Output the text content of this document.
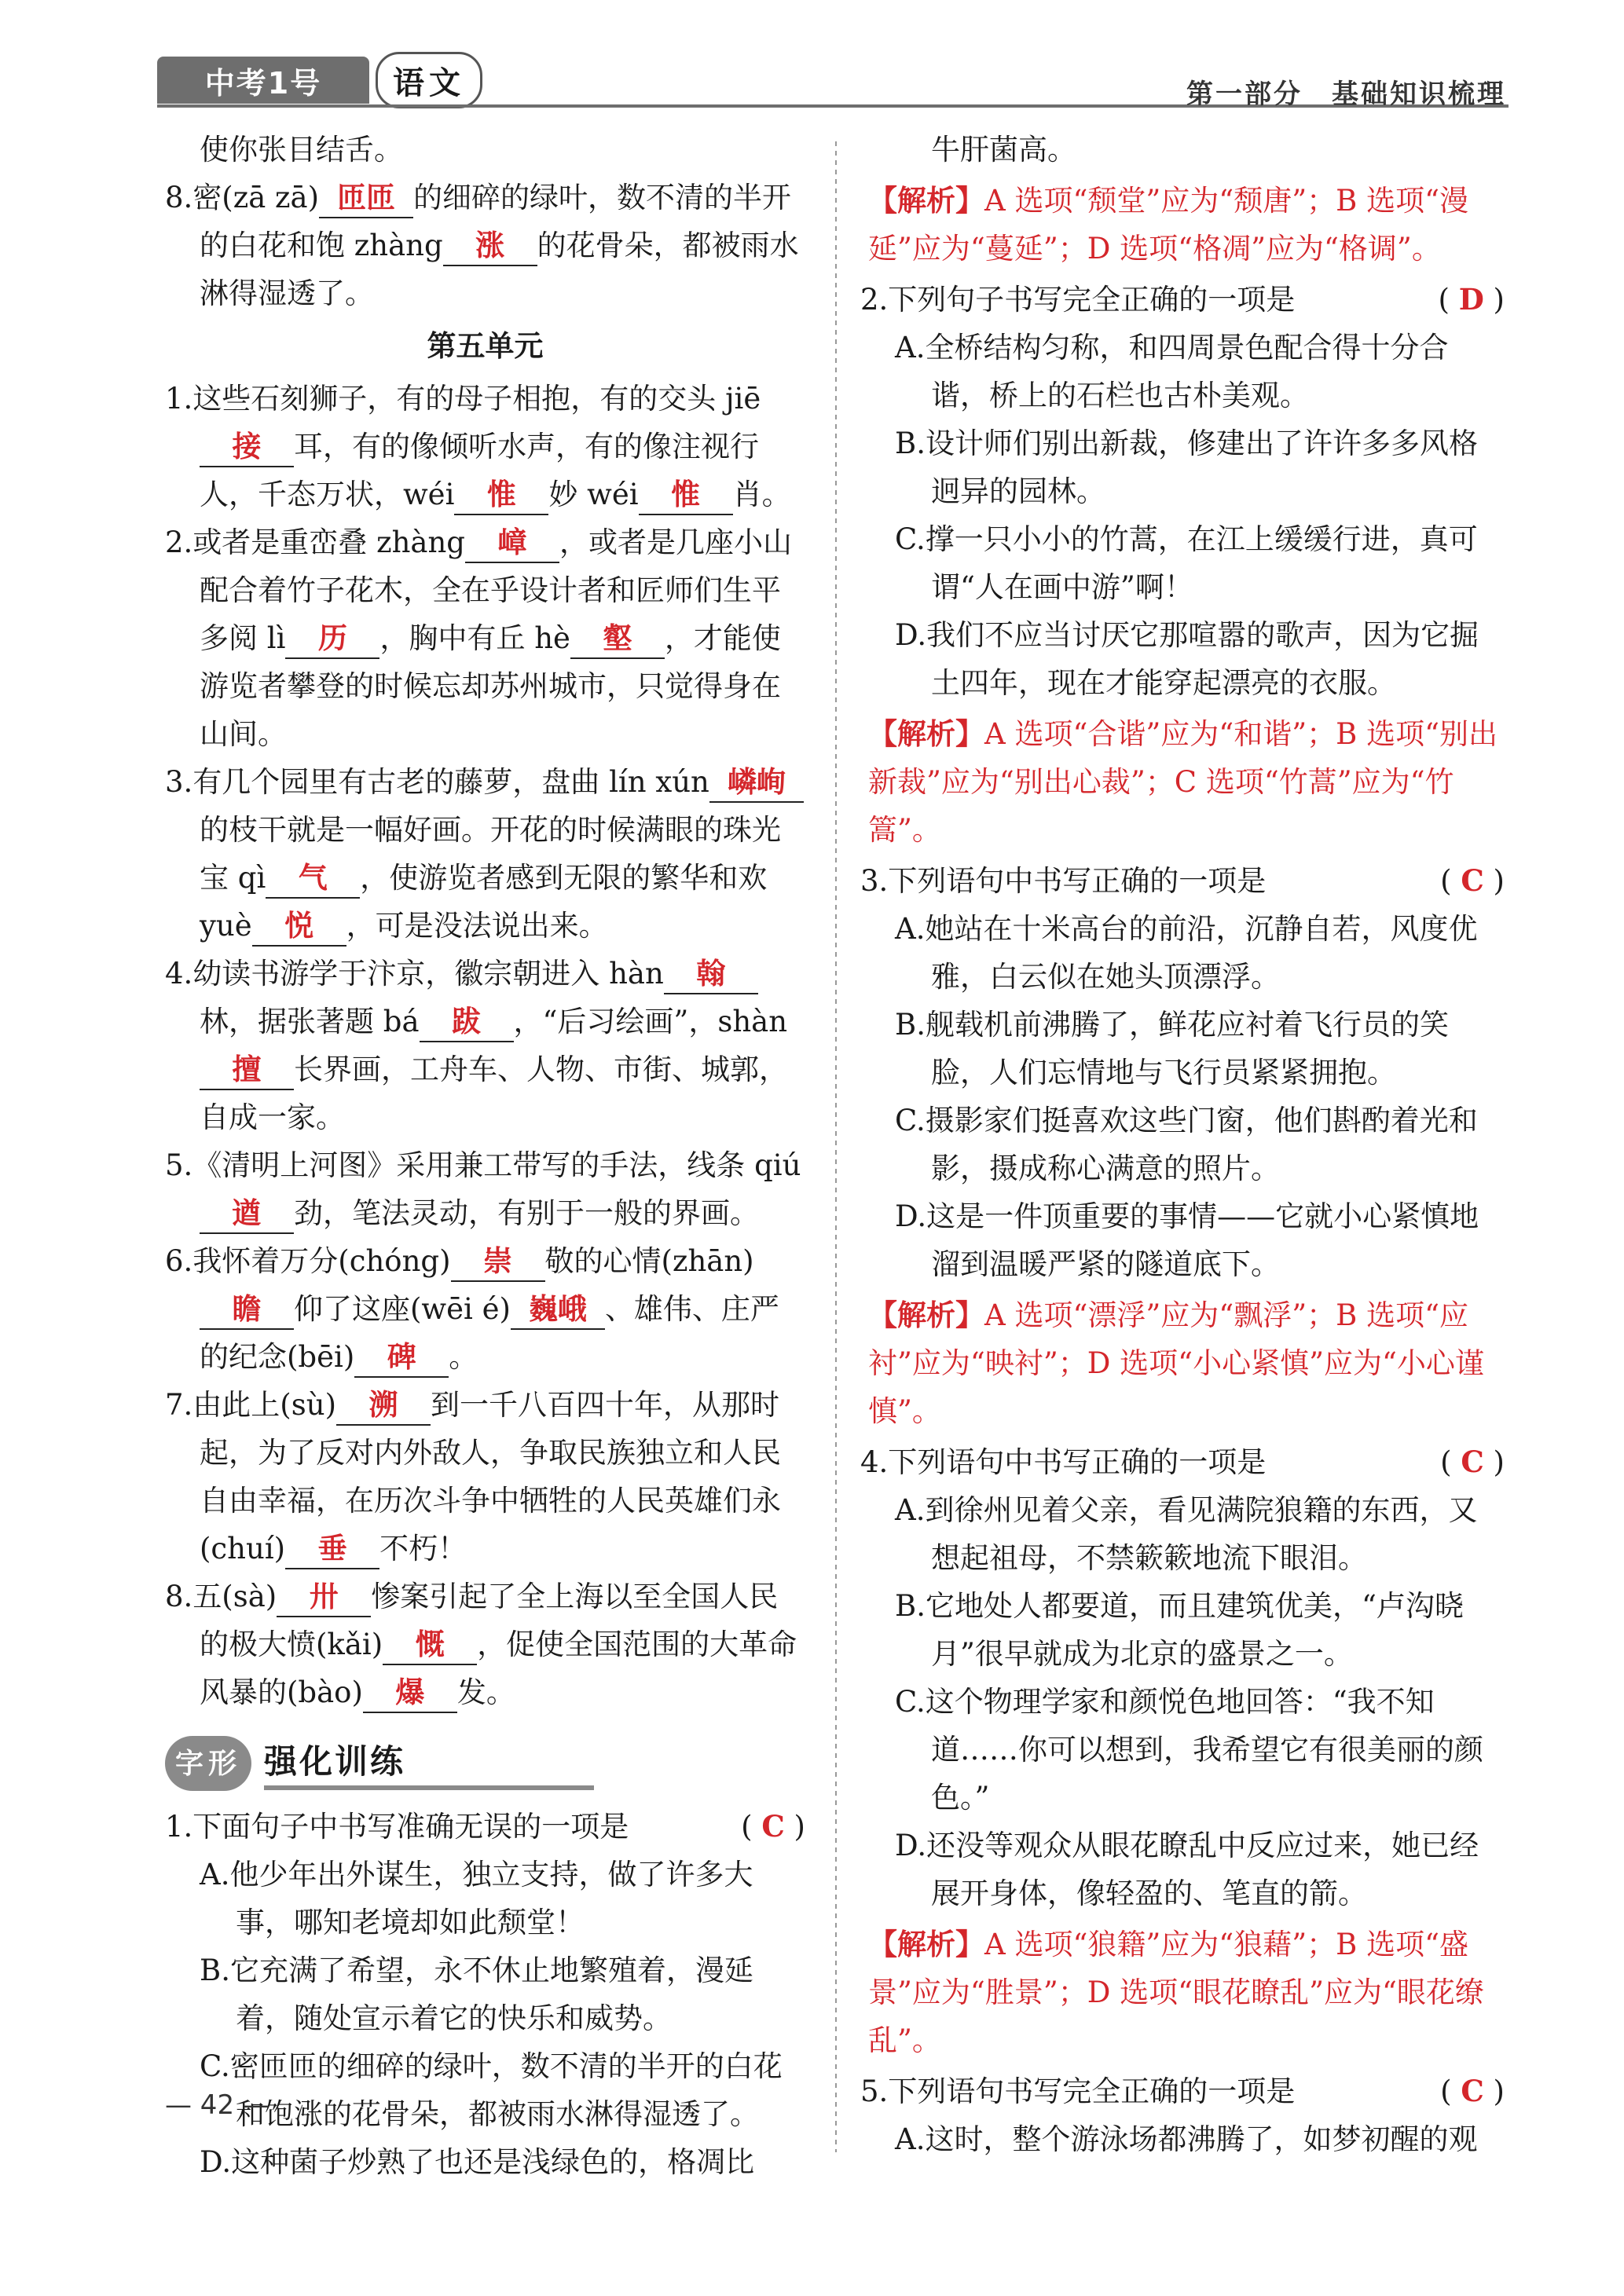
中考1号	语文	第一部分　基础知识梳理

使你张目结舌。

8.密(zā zā) 匝匝 的细碎的绿叶，数不清的半开的白花和饱 zhàng 涨 的花骨朵，都被雨水淋得湿透了。

第五单元

1.这些石刻狮子，有的母子相抱，有的交头 jiē接 耳，有的像倾听水声，有的像注视行人，千态万状，wéi 惟 妙 wéi 惟 肖。

2.或者是重峦叠 zhàng 嶂 ，或者是几座小山配合着竹子花木，全在乎设计者和匠师们生平多阅 lì 历 ，胸中有丘 hè 壑 ，才能使游览者攀登的时候忘却苏州城市，只觉得身在山间。

3.有几个园里有古老的藤萝，盘曲 lín xún 嶙峋的枝干就是一幅好画。开花的时候满眼的珠光宝 qì 气 ，使游览者感到无限的繁华和欢 yuè 悦 ，可是没法说出来。

4.幼读书游学于汴京，徽宗朝进入 hàn 翰林，据张著题 bá 跋 ，“后习绘画”，shàn擅 长界画，工舟车、人物、市街、城郭，自成一家。

5.《清明上河图》采用兼工带写的手法，线条 qiú遒 劲，笔法灵动，有别于一般的界画。

6.我怀着万分(chóng) 崇 敬的心情(zhān)瞻 仰了这座(wēi é) 巍峨 、雄伟、庄严的纪念(bēi) 碑 。

7.由此上(sù) 溯 到一千八百四十年，从那时起，为了反对内外敌人，争取民族独立和人民自由幸福，在历次斗争中牺牲的人民英雄们永(chuí) 垂 不朽！

8.五(sà) 卅 惨案引起了全上海以至全国人民的极大愤(kǎi) 慨 ，促使全国范围的大革命风暴的(bào) 爆 发。

字形 强化训练

1.下面句子中书写准确无误的一项是	( C )

A.他少年出外谋生，独立支持，做了许多大事，哪知老境却如此颓堂！

B.它充满了希望，永不休止地繁殖着，漫延着，随处宣示着它的快乐和威势。

C.密匝匝的细碎的绿叶，数不清的半开的白花和饱涨的花骨朵，都被雨水淋得湿透了。

D.这种菌子炒熟了也还是浅绿色的，格凋比

牛肝菌高。

【解析】A 选项“颓堂”应为“颓唐”；B 选项“漫延”应为“蔓延”；D 选项“格凋”应为“格调”。

2.下列句子书写完全正确的一项是	( D )

A.全桥结构匀称，和四周景色配合得十分合谐，桥上的石栏也古朴美观。

B.设计师们别出新裁，修建出了许许多多风格迥异的园林。

C.撑一只小小的竹蒿，在江上缓缓行进，真可谓“人在画中游”啊！

D.我们不应当讨厌它那喧嚣的歌声，因为它掘土四年，现在才能穿起漂亮的衣服。

【解析】A 选项“合谐”应为“和谐”；B 选项“别出新裁”应为“别出心裁”；C 选项“竹蒿”应为“竹篙”。

3.下列语句中书写正确的一项是	( C )

A.她站在十米高台的前沿，沉静自若，风度优雅，白云似在她头顶漂浮。

B.舰载机前沸腾了，鲜花应衬着飞行员的笑脸，人们忘情地与飞行员紧紧拥抱。

C.摄影家们挺喜欢这些门窗，他们斟酌着光和影，摄成称心满意的照片。

D.这是一件顶重要的事情——它就小心紧慎地溜到温暖严紧的隧道底下。

【解析】A 选项“漂浮”应为“飘浮”；B 选项“应衬”应为“映衬”；D 选项“小心紧慎”应为“小心谨慎”。

4.下列语句中书写正确的一项是	( C )

A.到徐州见着父亲，看见满院狼籍的东西，又想起祖母，不禁簌簌地流下眼泪。

B.它地处人都要道，而且建筑优美，“卢沟晓月”很早就成为北京的盛景之一。

C.这个物理学家和颜悦色地回答：“我不知道……你可以想到，我希望它有很美丽的颜色。”

D.还没等观众从眼花瞭乱中反应过来，她已经展开身体，像轻盈的、笔直的箭。

【解析】A 选项“狼籍”应为“狼藉”；B 选项“盛景”应为“胜景”；D 选项“眼花瞭乱”应为“眼花缭乱”。

5.下列语句书写完全正确的一项是	( C )

A.这时，整个游泳场都沸腾了，如梦初醒的观

— 42 —
